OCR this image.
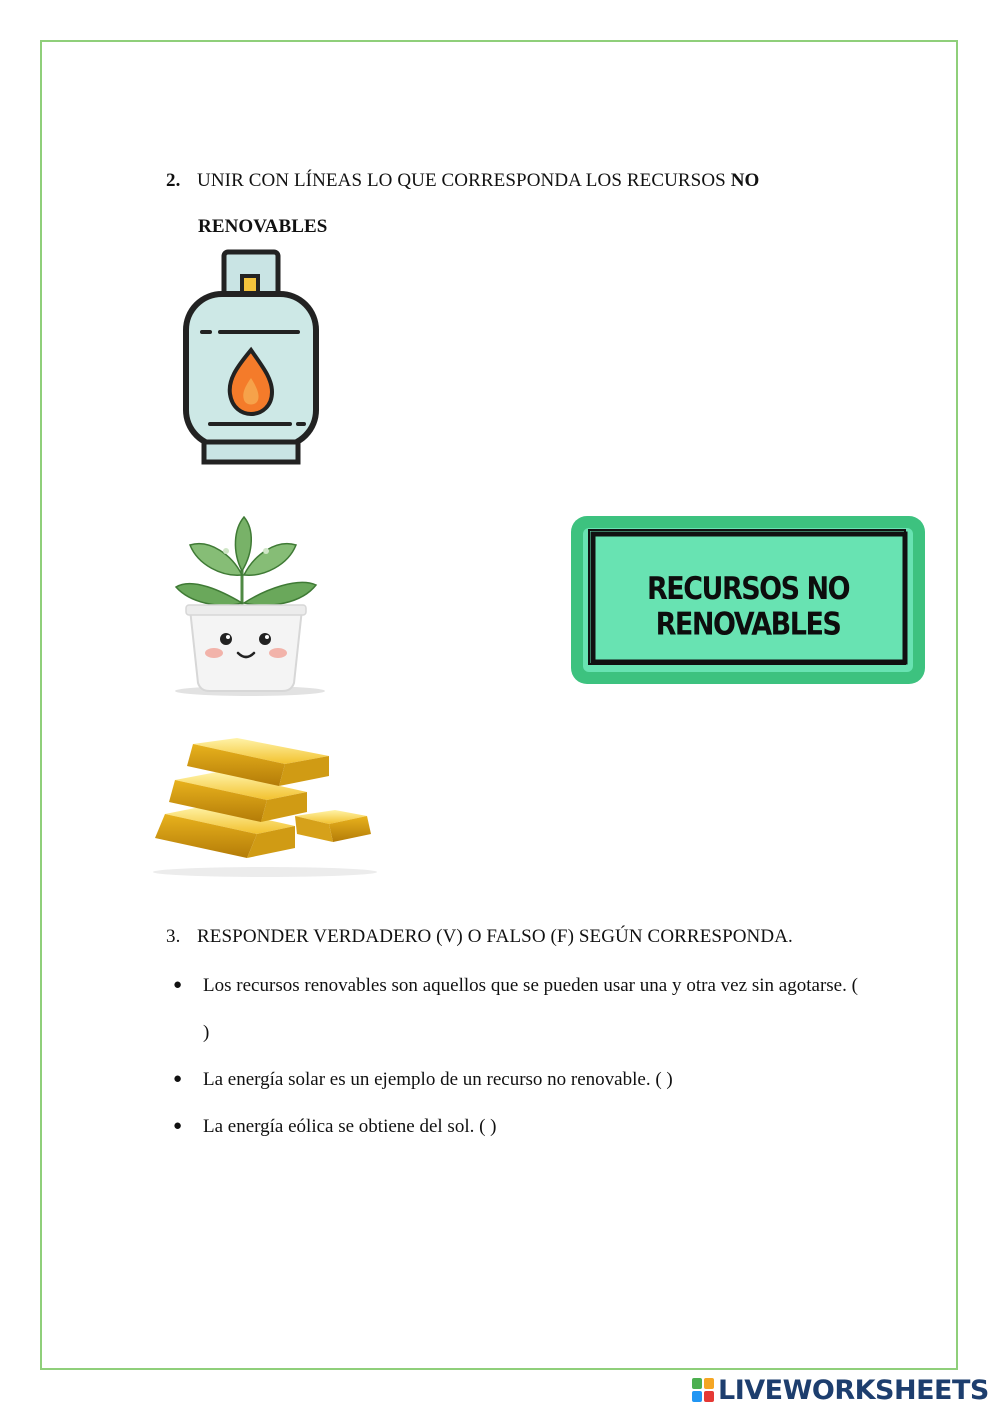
2. UNIR CON LÍNEAS LO QUE CORRESPONDA LOS RECURSOS NO
RENOVABLES
RECURSOS NO RENOVABLES
3. RESPONDER VERDADERO (V) O FALSO (F) SEGÚN CORRESPONDA.
● Los recursos renovables son aquellos que se pueden usar una y otra vez sin agotarse. ( )
● La energía solar es un ejemplo de un recurso no renovable. ( )
● La energía eólica se obtiene del sol. ( )
LIVEWORKSHEETS
